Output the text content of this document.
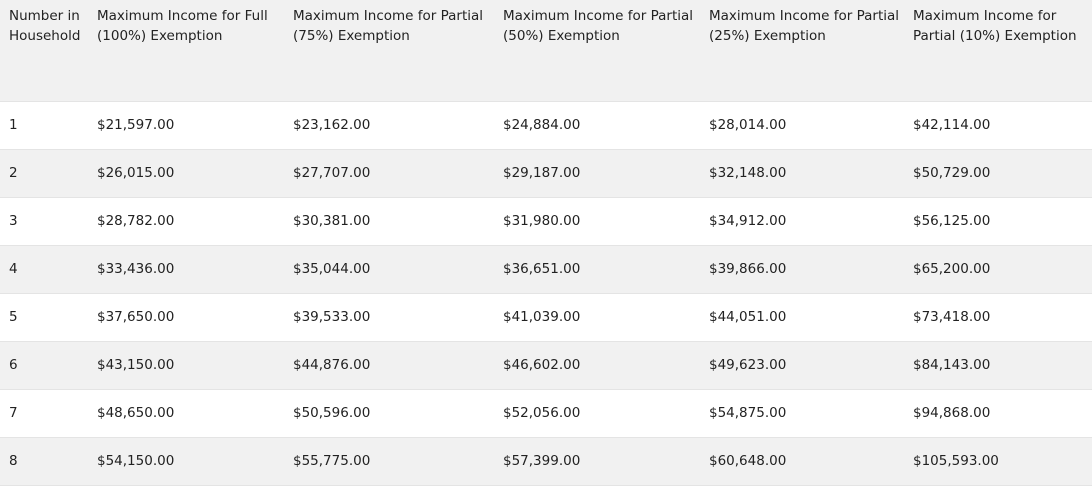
Number in Household	Maximum Income for Full (100%) Exemption	Maximum Income for Partial (75%) Exemption	Maximum Income for Partial (50%) Exemption	Maximum Income for Partial (25%) Exemption	Maximum Income for Partial (10%) Exemption
1	$21,597.00	$23,162.00	$24,884.00	$28,014.00	$42,114.00
2	$26,015.00	$27,707.00	$29,187.00	$32,148.00	$50,729.00
3	$28,782.00	$30,381.00	$31,980.00	$34,912.00	$56,125.00
4	$33,436.00	$35,044.00	$36,651.00	$39,866.00	$65,200.00
5	$37,650.00	$39,533.00	$41,039.00	$44,051.00	$73,418.00
6	$43,150.00	$44,876.00	$46,602.00	$49,623.00	$84,143.00
7	$48,650.00	$50,596.00	$52,056.00	$54,875.00	$94,868.00
8	$54,150.00	$55,775.00	$57,399.00	$60,648.00	$105,593.00
